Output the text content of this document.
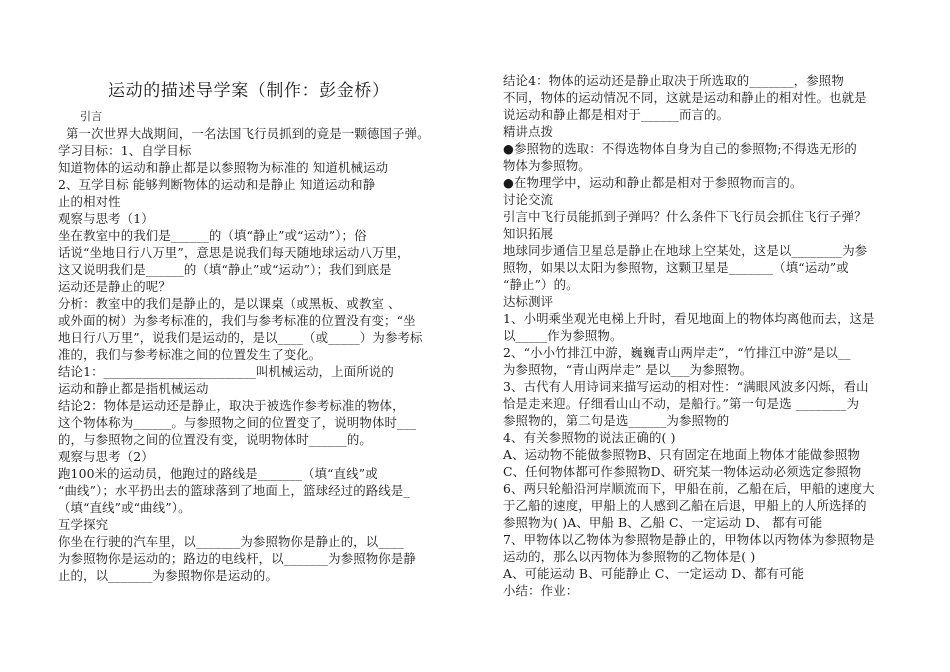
运动的描述导学案（制作：彭金桥）
引言
第一次世界大战期间，一名法国飞行员抓到的竟是一颗德国子弹。
学习目标：1、自学目标
知道物体的运动和静止都是以参照物为标准的 知道机械运动
2、互学目标 能够判断物体的运动和是静止 知道运动和静
止的相对性
观察与思考（1）
坐在教室中的我们是______的（填“静止”或“运动”）；俗
话说“坐地日行八万里”，意思是说我们每天随地球运动八万里，
这又说明我们是______的（填“静止”或“运动”）；我们到底是
运动还是静止的呢？
分析：教室中的我们是静止的，是以课桌（或黑板、或教室 、
或外面的树）为参考标准的，我们与参考标准的位置没有变；“坐
地日行八万里”，说我们是运动的，是以____（或_____）为参考标
准的，我们与参考标准之间的位置发生了变化。
结论1：________________________叫机械运动，上面所说的
运动和静止都是指机械运动
结论2：物体是运动还是静止，取决于被选作参考标准的物体，
这个物体称为______。与参照物之间的位置变了，说明物体时___
的，与参照物之间的位置没有变，说明物体时______的。
观察与思考（2）
跑100米的运动员，他跑过的路线是_______（填“直线”或
“曲线”）；水平扔出去的篮球落到了地面上，篮球经过的路线是_
（填“直线”或“曲线”）。
互学探究
你坐在行驶的汽车里，以_______为参照物你是静止的，以____
为参照物你是运动的；路边的电线杆，以_______为参照物你是静
止的，以_______为参照物你是运动的。
结论4：物体的运动还是静止取决于所选取的_______，参照物
不同，物体的运动情况不同，这就是运动和静止的相对性。也就是
说运动和静止都是相对于______而言的。
精讲点拨
●参照物的选取：不得选物体自身为自己的参照物;不得选无形的
物体为参照物。
●在物理学中，运动和静止都是相对于参照物而言的。
讨论交流
引言中飞行员能抓到子弹吗？什么条件下飞行员会抓住飞行子弹？
知识拓展
地球同步通信卫星总是静止在地球上空某处，这是以________为参
照物，如果以太阳为参照物，这颗卫星是_______（填“运动”或
“静止”）的。
达标测评
1、小明乘坐观光电梯上升时，看见地面上的物体均离他而去，这是
以_____作为参照物。
2、“小小竹排江中游，巍巍青山两岸走”，“竹排江中游”是以__
为参照物，“青山两岸走” 是以___为参照物。
3、古代有人用诗词来描写运动的相对性：“满眼风波多闪烁，看山
恰是走来迎。仔细看山山不动，是船行。”第一句是选 ________为
参照物的，第二句是选______为参照物的
4、有关参照物的说法正确的( )
A、运动物不能做参照物B、只有固定在地面上物体才能做参照物
C、任何物体都可作参照物D、研究某一物体运动必须选定参照物
6、两只轮船沿河岸顺流而下，甲船在前，乙船在后，甲船的速度大
于乙船的速度，甲船上的人感到乙船在后退，甲船上的人所选择的
参照物为( )A、甲船 B、乙船 C、一定运动 D、 都有可能
7、甲物体以乙物体为参照物是静止的，甲物体以丙物体为参照物是
运动的，那么以丙物体为参照物的乙物体是( )
A、可能运动 B、可能静止 C、一定运动 D、都有可能
小结：作业：
